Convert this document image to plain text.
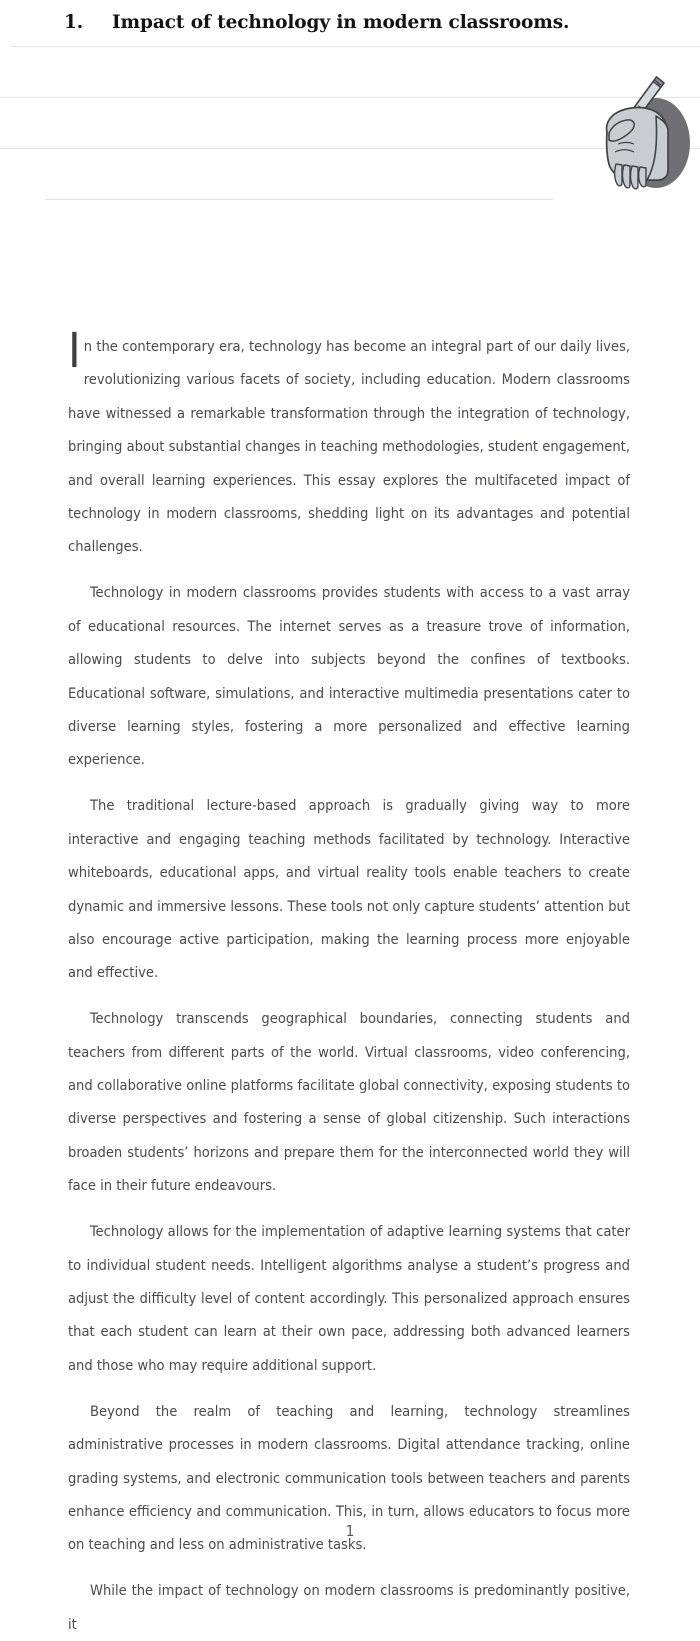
1. Impact of technology in modern classrooms.

In the contemporary era, technology has become an integral part of our daily lives, revolutionizing various facets of society, including education. Modern classrooms have witnessed a remarkable transformation through the integration of technology, bringing about substantial changes in teaching methodologies, student engagement, and overall learning experiences. This essay explores the multifaceted impact of technology in modern classrooms, shedding light on its advantages and potential challenges.

Technology in modern classrooms provides students with access to a vast array of educational resources. The internet serves as a treasure trove of information, allowing students to delve into subjects beyond the confines of textbooks. Educational software, simulations, and interactive multimedia presentations cater to diverse learning styles, fostering a more personalized and effective learning experience.

The traditional lecture-based approach is gradually giving way to more interactive and engaging teaching methods facilitated by technology. Interactive whiteboards, educational apps, and virtual reality tools enable teachers to create dynamic and immersive lessons. These tools not only capture students’ attention but also encourage active participation, making the learning process more enjoyable and effective.

Technology transcends geographical boundaries, connecting students and teachers from different parts of the world. Virtual classrooms, video conferencing, and collaborative online platforms facilitate global connectivity, exposing students to diverse perspectives and fostering a sense of global citizenship. Such interactions broaden students’ horizons and prepare them for the interconnected world they will face in their future endeavours.

Technology allows for the implementation of adaptive learning systems that cater to individual student needs. Intelligent algorithms analyse a student’s progress and adjust the difficulty level of content accordingly. This personalized approach ensures that each student can learn at their own pace, addressing both advanced learners and those who may require additional support.

Beyond the realm of teaching and learning, technology streamlines administrative processes in modern classrooms. Digital attendance tracking, online grading systems, and electronic communication tools between teachers and parents enhance efficiency and communication. This, in turn, allows educators to focus more on teaching and less on administrative tasks.

While the impact of technology on modern classrooms is predominantly positive, it

1
